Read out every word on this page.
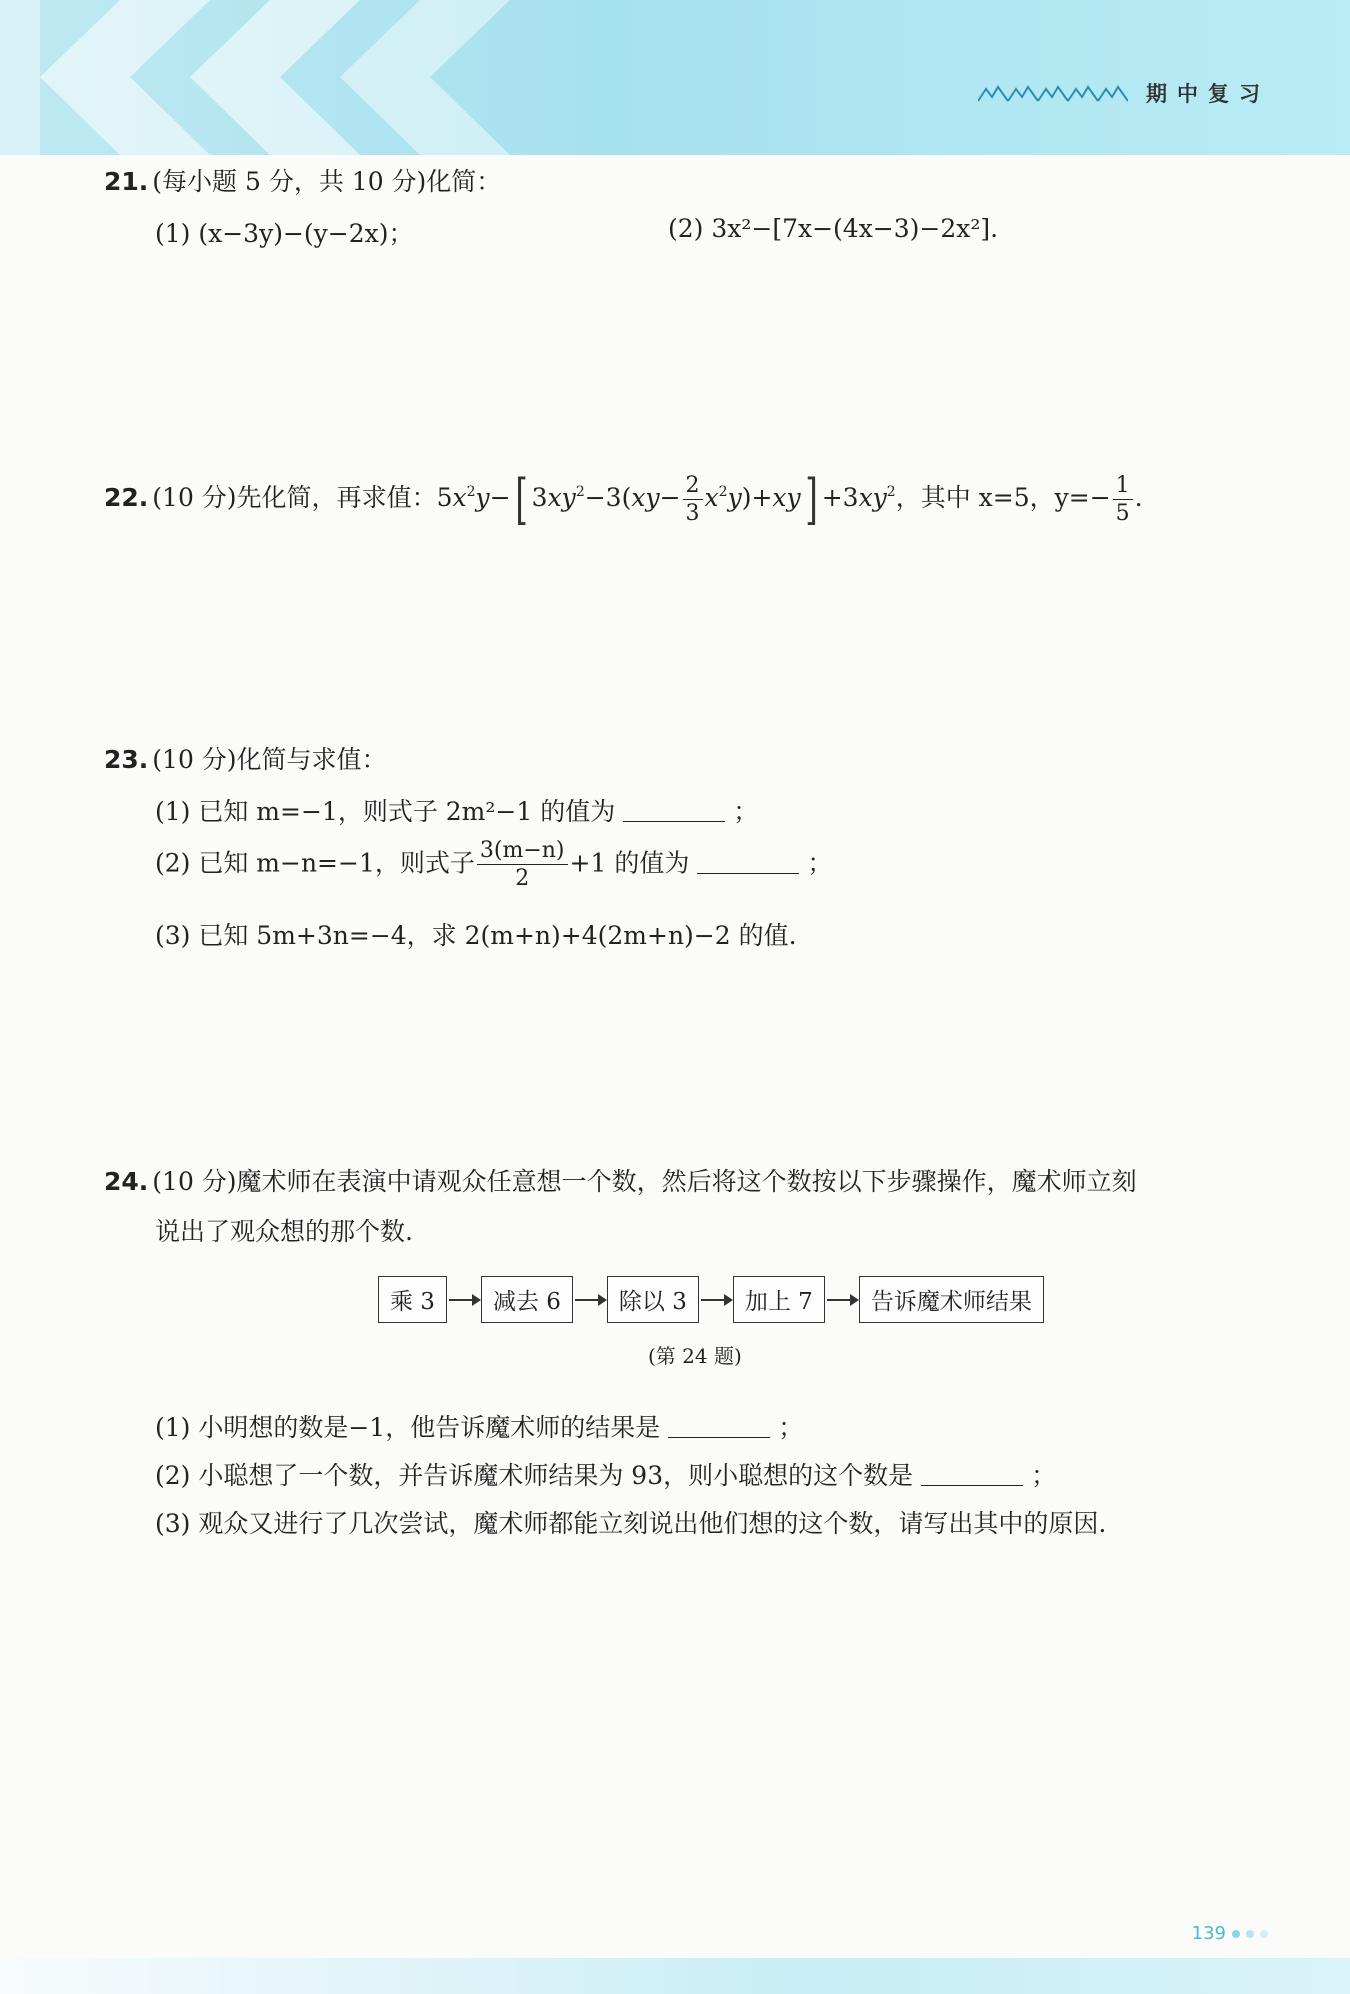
期中复习
21. (每小题 5 分，共 10 分)化简：
(1) (x−3y)−(y−2x)；	(2) 3x²−[7x−(4x−3)−2x²].
22. (10 分)先化简，再求值：$5x^2y-$[ $3xy^2-3(xy- \frac{2}{3} x^2y)+xy] +3xy^2$，其中 x=5，$y=- \frac{1}{5}$ .
23. (10 分)化简与求值：
(1) 已知 m=−1，则式子 2m²−1 的值为	；
(2) 已知 m−n=−1，则式子 $\frac{3(m-n)}{2} +1$ 的值为	；
(3) 已知 5m+3n=−4，求 2(m+n)+4(2m+n)−2 的值.
24. (10 分)魔术师在表演中请观众任意想一个数，然后将这个数按以下步骤操作，魔术师立刻
说出了观众想的那个数.
乘 3	减去 6	除以 3	加上 7	告诉魔术师结果
(第 24 题)
(1) 小明想的数是−1，他告诉魔术师的结果是	；
(2) 小聪想了一个数，并告诉魔术师结果为 93，则小聪想的这个数是	；
(3) 观众又进行了几次尝试，魔术师都能立刻说出他们想的这个数，请写出其中的原因.
139
